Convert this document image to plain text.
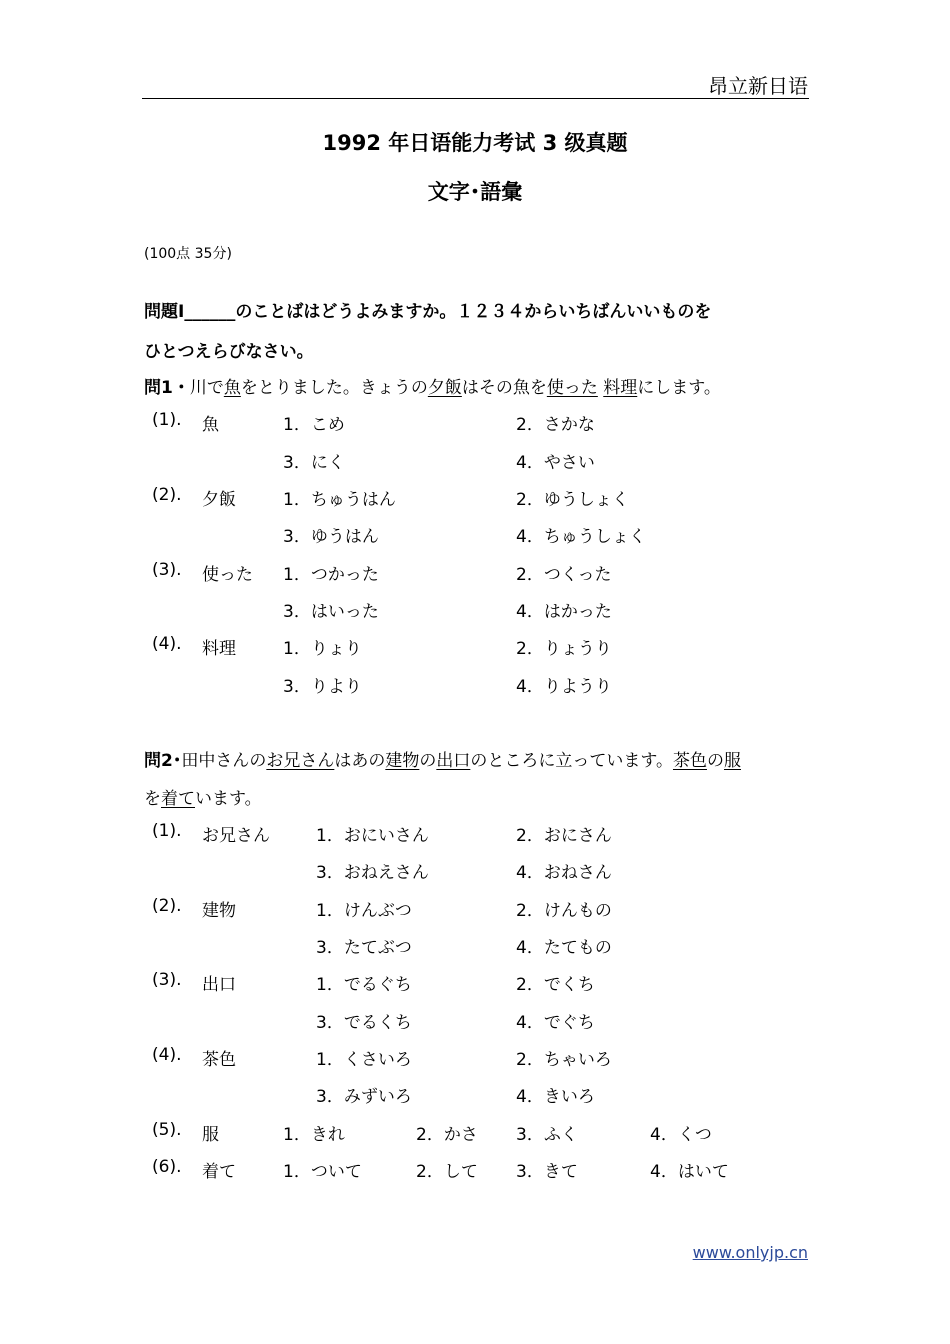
昂立新日语
1992 年日语能力考试 3 级真题
文字･語彙
(100点 35分)
問題Ⅰ______のことばはどうよみますか。１２３４からいちばんいいものを
ひとつえらびなさい。
問1・川で魚をとりました。きょうの夕飯はその魚を使った 料理にします。
(1). 魚	1．こめ	2．さかな
3．にく	4．やさい
(2). 夕飯	1．ちゅうはん	2．ゆうしょく
3．ゆうはん	4．ちゅうしょく
(3). 使った 1．つかった	2．つくった
3．はいった	4．はかった
(4). 料理	1．りょり	2．りょうり
3．りより	4．りようり
問2･田中さんのお兄さんはあの建物の出口のところに立っています。茶色の服
を着ています。
(1). お兄さん	1．おにいさん	2．おにさん
3．おねえさん	4．おねさん
(2). 建物	1．けんぶつ	2．けんもの
3．たてぶつ	4．たてもの
(3). 出口	1．でるぐち	2．でくち
3．でるくち	4．でぐち
(4). 茶色	1．くさいろ	2．ちゃいろ
3．みずいろ	4．きいろ
(5). 服	1．きれ	2．かさ 3．ふく	4．くつ
(6). 着て	1．ついて	2．して 3．きて	4．はいて
www.onlyjp.cn
